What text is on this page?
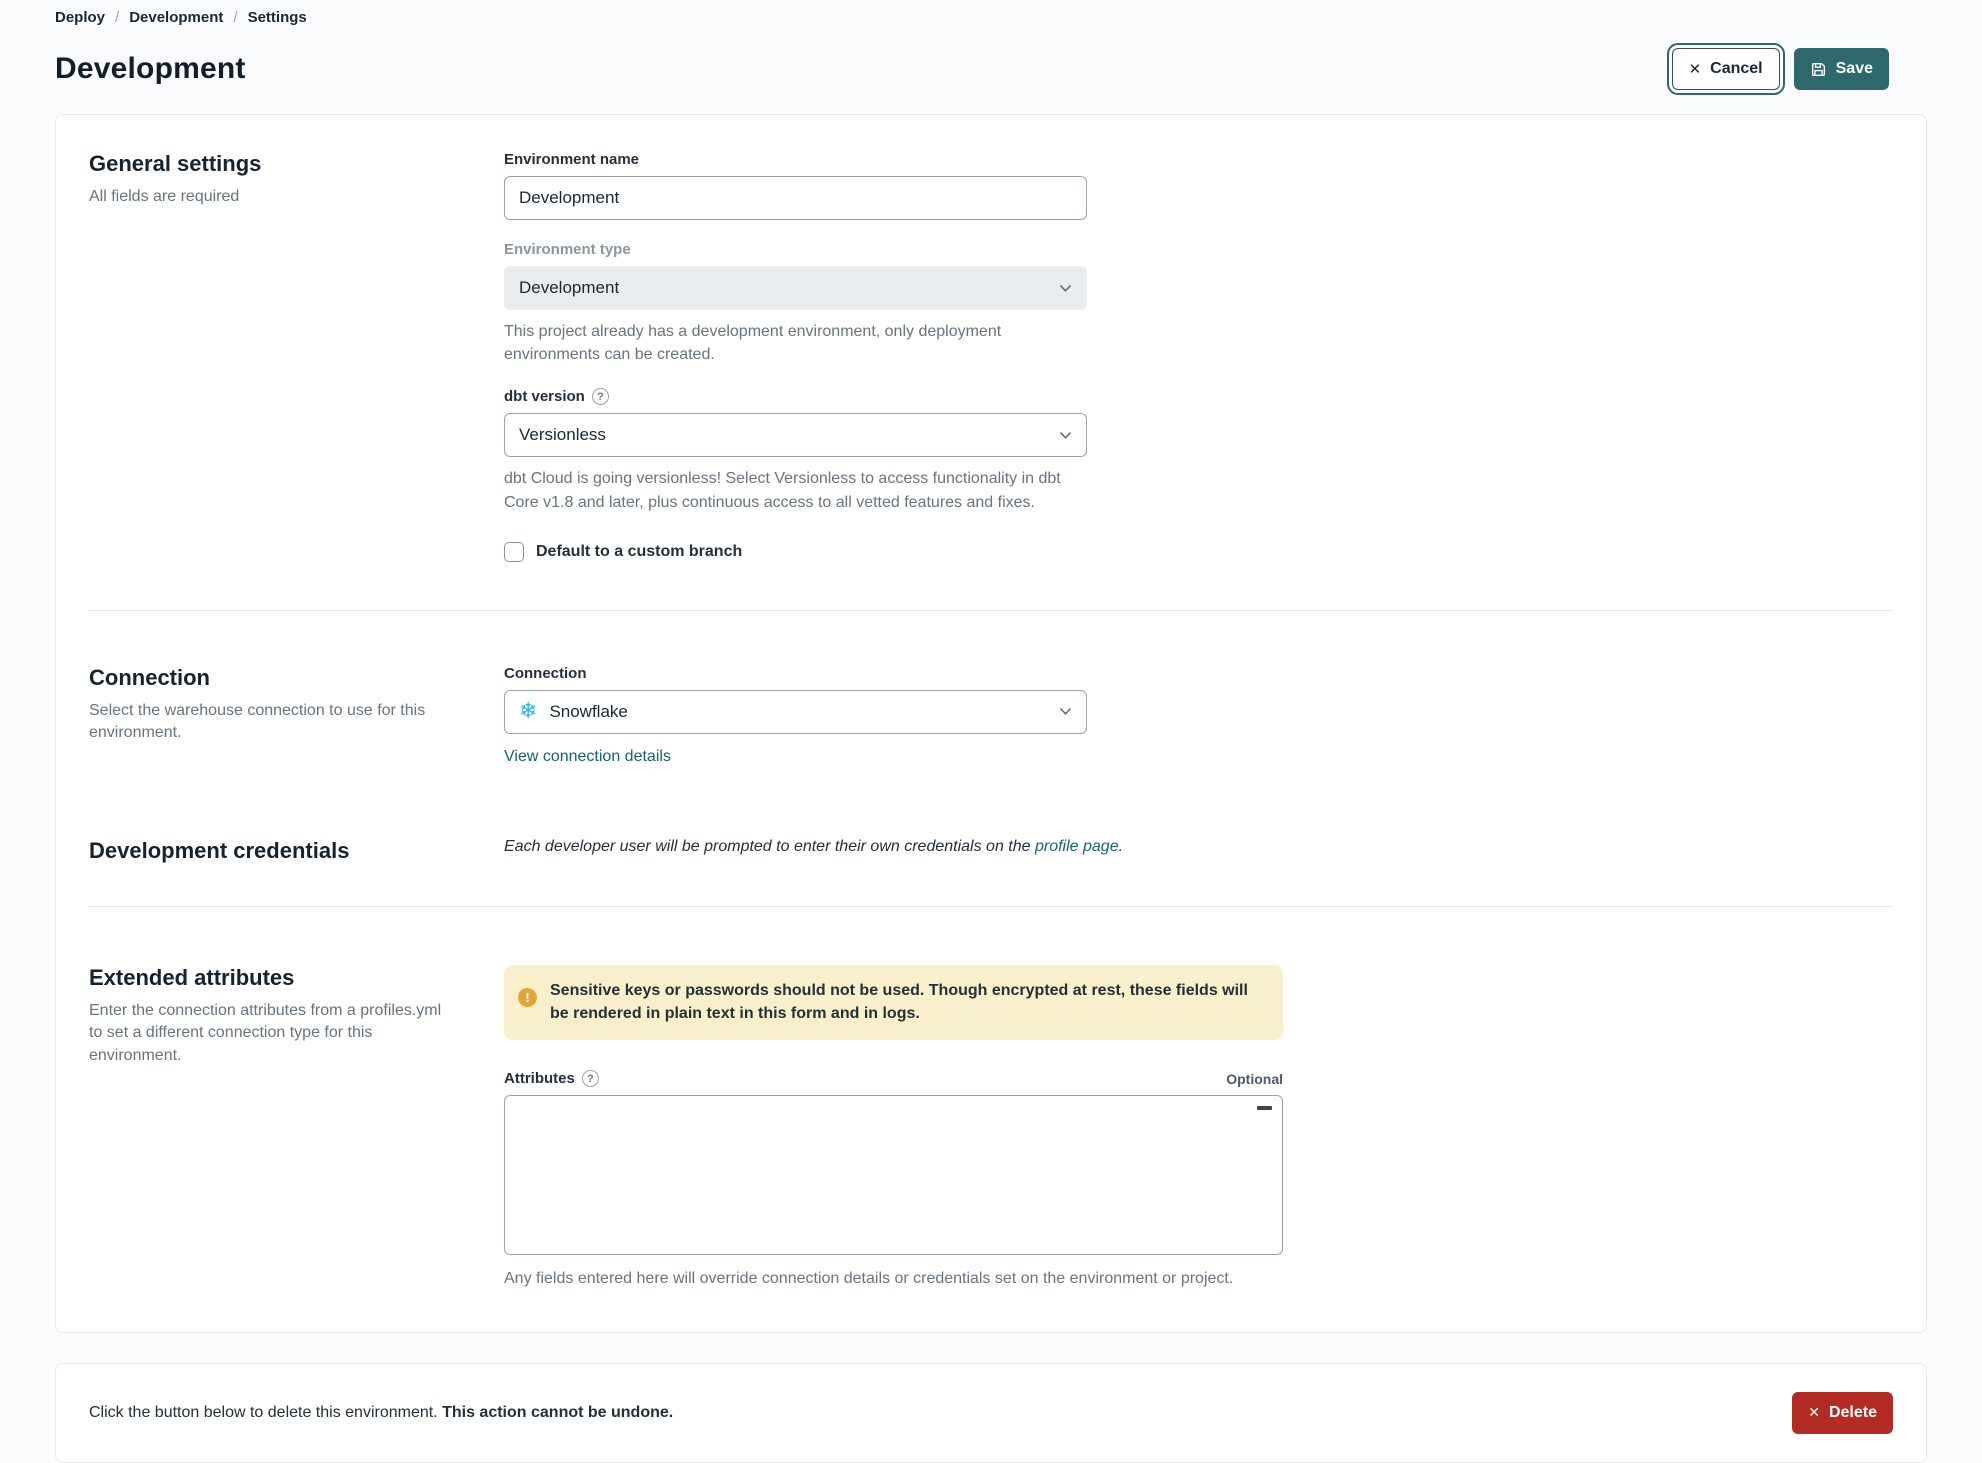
Deploy / Development / Settings
Development	✕ Cancel	Save
General settings

All fields are required

Environment name
Development
Environment type
Development

This project already has a development environment, only deployment environments can be created.

dbt version	?
Versionless

dbt Cloud is going versionless! Select Versionless to access functionality in dbt Core v1.8 and later, plus continuous access to all vetted features and fixes.

Default to a custom branch
Connection

Select the warehouse connection to use for this environment.

Connection
❄ Snowflake
View connection details
Development credentials	Each developer user will be prompted to enter their own credentials on the profile page.

Extended attributes

Enter the connection attributes from a profiles.yml to set a different connection type for this environment.

!	Sensitive keys or passwords should not be used. Though encrypted at rest, these fields will be rendered in plain text in this form and in logs.

Attributes	?	Optional

Any fields entered here will override connection details or credentials set on the environment or project.

Click the button below to delete this environment. This action cannot be undone.	✕ Delete
